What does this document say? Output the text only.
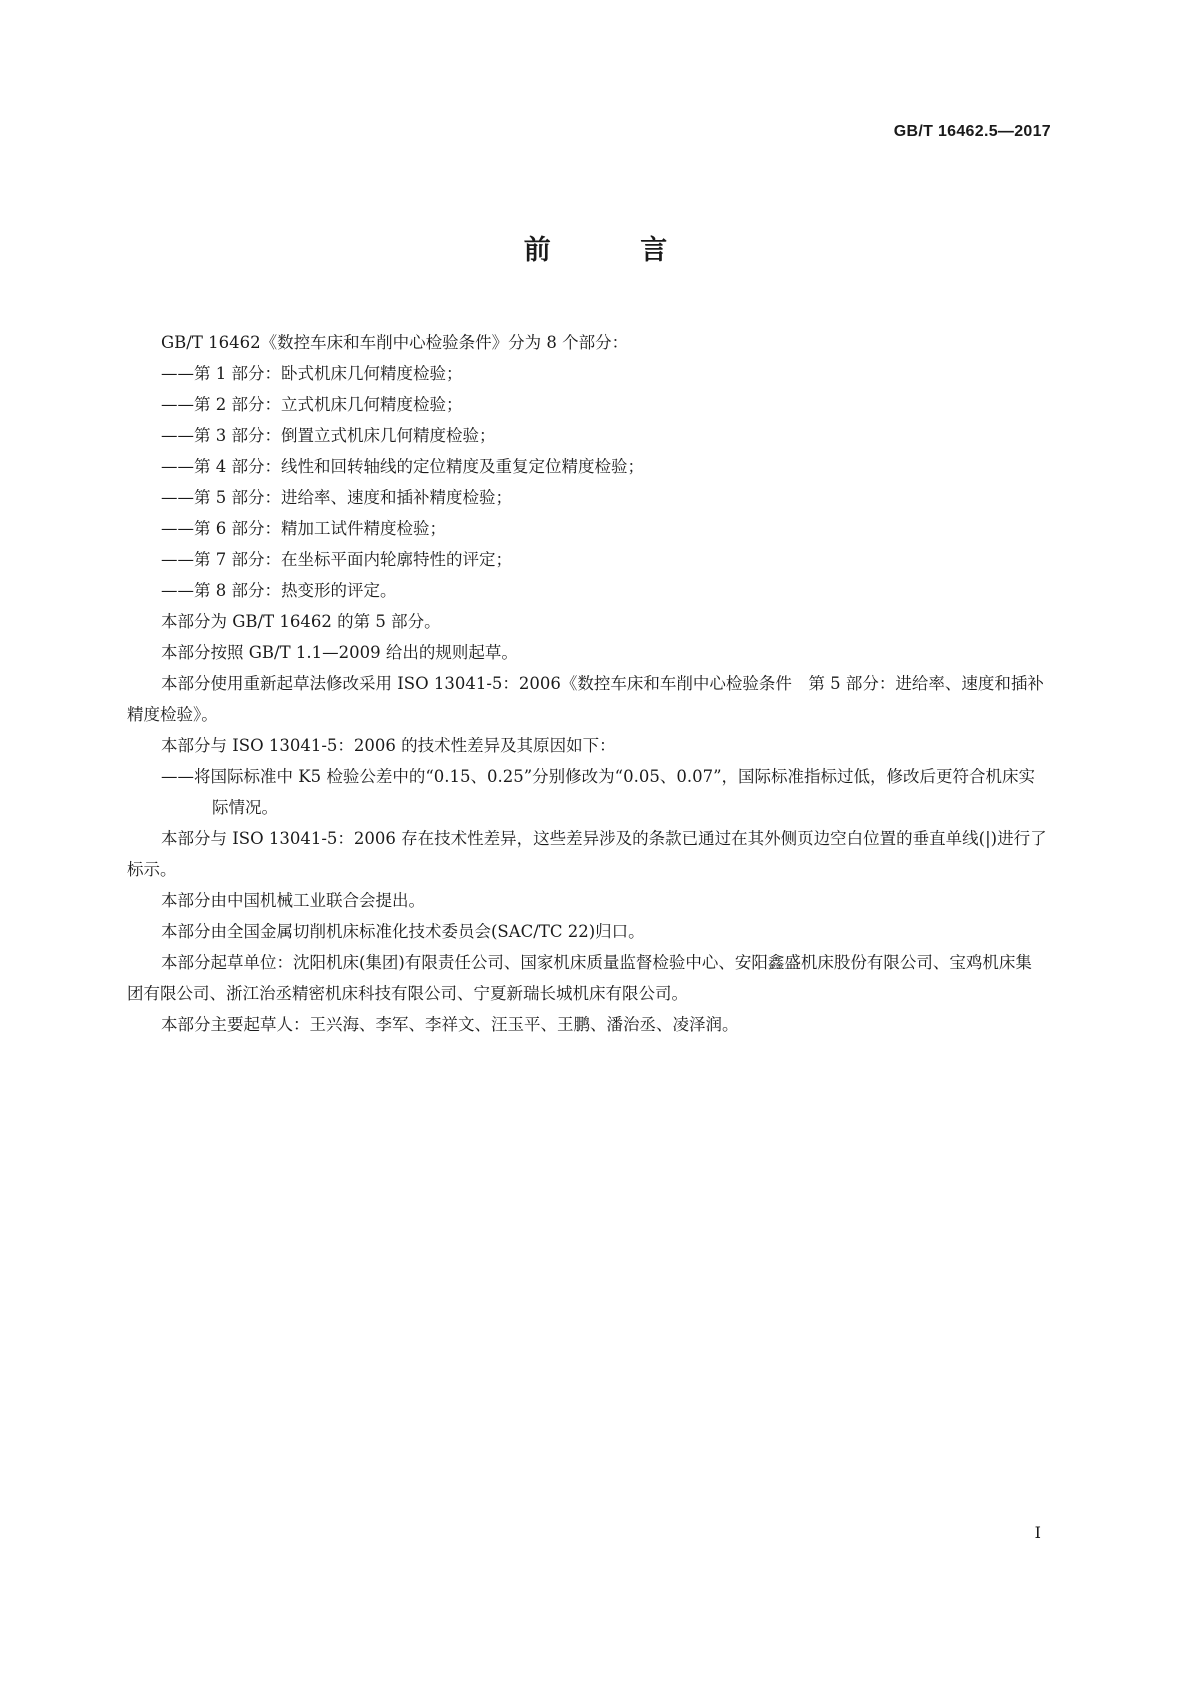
GB/T 16462.5—2017
前 言

GB/T 16462《数控车床和车削中心检验条件》分为 8 个部分：

——第 1 部分：卧式机床几何精度检验；

——第 2 部分：立式机床几何精度检验；

——第 3 部分：倒置立式机床几何精度检验；

——第 4 部分：线性和回转轴线的定位精度及重复定位精度检验；

——第 5 部分：进给率、速度和插补精度检验；

——第 6 部分：精加工试件精度检验；

——第 7 部分：在坐标平面内轮廓特性的评定；

——第 8 部分：热变形的评定。

本部分为 GB/T 16462 的第 5 部分。

本部分按照 GB/T 1.1—2009 给出的规则起草。

本部分使用重新起草法修改采用 ISO 13041-5：2006《数控车床和车削中心检验条件　第 5 部分：进给率、速度和插补精度检验》。

本部分与 ISO 13041-5：2006 的技术性差异及其原因如下：

——将国际标准中 K5 检验公差中的“0.15、0.25”分别修改为“0.05、0.07”，国际标准指标过低，修改后更符合机床实际情况。

本部分与 ISO 13041-5：2006 存在技术性差异，这些差异涉及的条款已通过在其外侧页边空白位置的垂直单线(|)进行了标示。

本部分由中国机械工业联合会提出。

本部分由全国金属切削机床标准化技术委员会(SAC/TC 22)归口。

本部分起草单位：沈阳机床(集团)有限责任公司、国家机床质量监督检验中心、安阳鑫盛机床股份有限公司、宝鸡机床集团有限公司、浙江治丞精密机床科技有限公司、宁夏新瑞长城机床有限公司。

本部分主要起草人：王兴海、李军、李祥文、汪玉平、王鹏、潘治丞、凌泽润。

I
